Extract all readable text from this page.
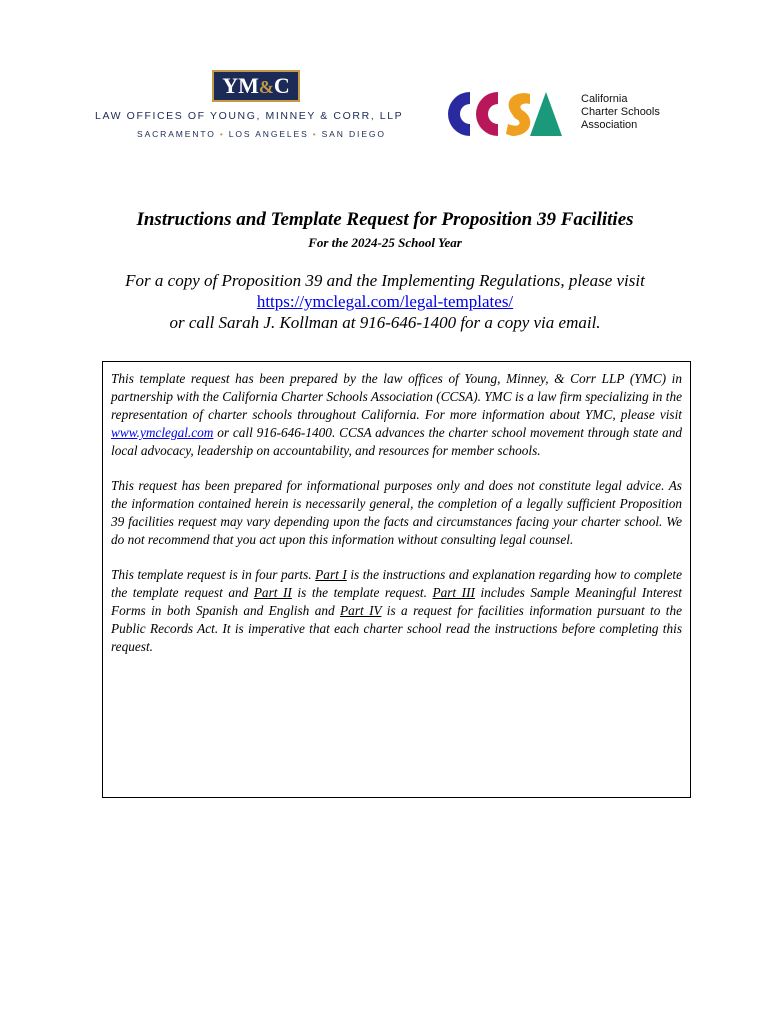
YM&C
LAW OFFICES OF YOUNG, MINNEY & CORR, LLP
SACRAMENTO • LOS ANGELES • SAN DIEGO
California
Charter Schools
Association
Instructions and Template Request for Proposition 39 Facilities
For the 2024-25 School Year
For a copy of Proposition 39 and the Implementing Regulations, please visit
https://ymclegal.com/legal-templates/
or call Sarah J. Kollman at 916-646-1400 for a copy via email.

This template request has been prepared by the law offices of Young, Minney, & Corr LLP (YMC) in partnership with the California Charter Schools Association (CCSA). YMC is a law firm specializing in the representation of charter schools throughout California. For more information about YMC, please visit www.ymclegal.com or call 916-646-1400. CCSA advances the charter school movement through state and local advocacy, leadership on accountability, and resources for member schools.

This request has been prepared for informational purposes only and does not constitute legal advice. As the information contained herein is necessarily general, the completion of a legally sufficient Proposition 39 facilities request may vary depending upon the facts and circumstances facing your charter school. We do not recommend that you act upon this information without consulting legal counsel.

This template request is in four parts. Part I is the instructions and explanation regarding how to complete the template request and Part II is the template request. Part III includes Sample Meaningful Interest Forms in both Spanish and English and Part IV is a request for facilities information pursuant to the Public Records Act. It is imperative that each charter school read the instructions before completing this request.
